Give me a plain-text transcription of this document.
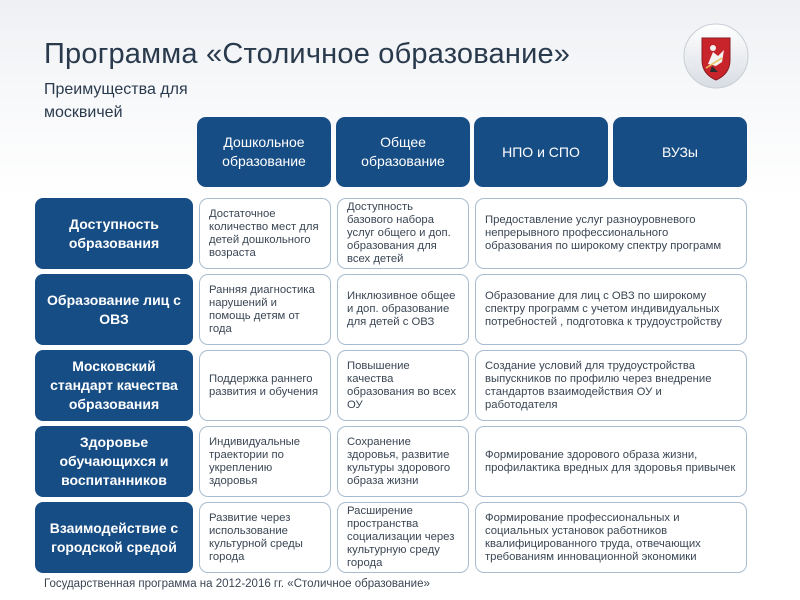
Программа «Столичное образование»
Преимущества для москвичей
Дошкольное образование
Общее образование
НПО и СПО	ВУЗы
Доступность образования
Достаточное количество мест для детей дошкольного возраста
Доступность базового набора услуг общего и доп. образования для всех детей
Предоставление услуг разноуровневого непрерывного профессионального образования по широкому спектру программ
Образование лиц с ОВЗ
Ранняя диагностика нарушений и помощь детям от года
Инклюзивное общее и доп. образование для детей с ОВЗ
Образование для лиц с ОВЗ по широкому спектру программ с учетом индивидуальных потребностей , подготовка к трудоустройству
Московский стандарт качества образования
Поддержка раннего развития и обучения
Повышение качества образования во всех ОУ
Создание условий для трудоустройства выпускников по профилю через внедрение стандартов взаимодействия ОУ и работодателя
Здоровье обучающихся и воспитанников
Индивидуальные траектории по укреплению здоровья
Сохранение здоровья, развитие культуры здорового образа жизни
Формирование здорового образа жизни, профилактика вредных для здоровья привычек
Взаимодействие с городской средой
Развитие через использование культурной среды города
Расширение пространства социализации через культурную среду города
Формирование профессиональных и социальных установок работников квалифицированного труда, отвечающих требованиям инновационной экономики
Государственная программа на 2012-2016 гг. «Столичное образование»
